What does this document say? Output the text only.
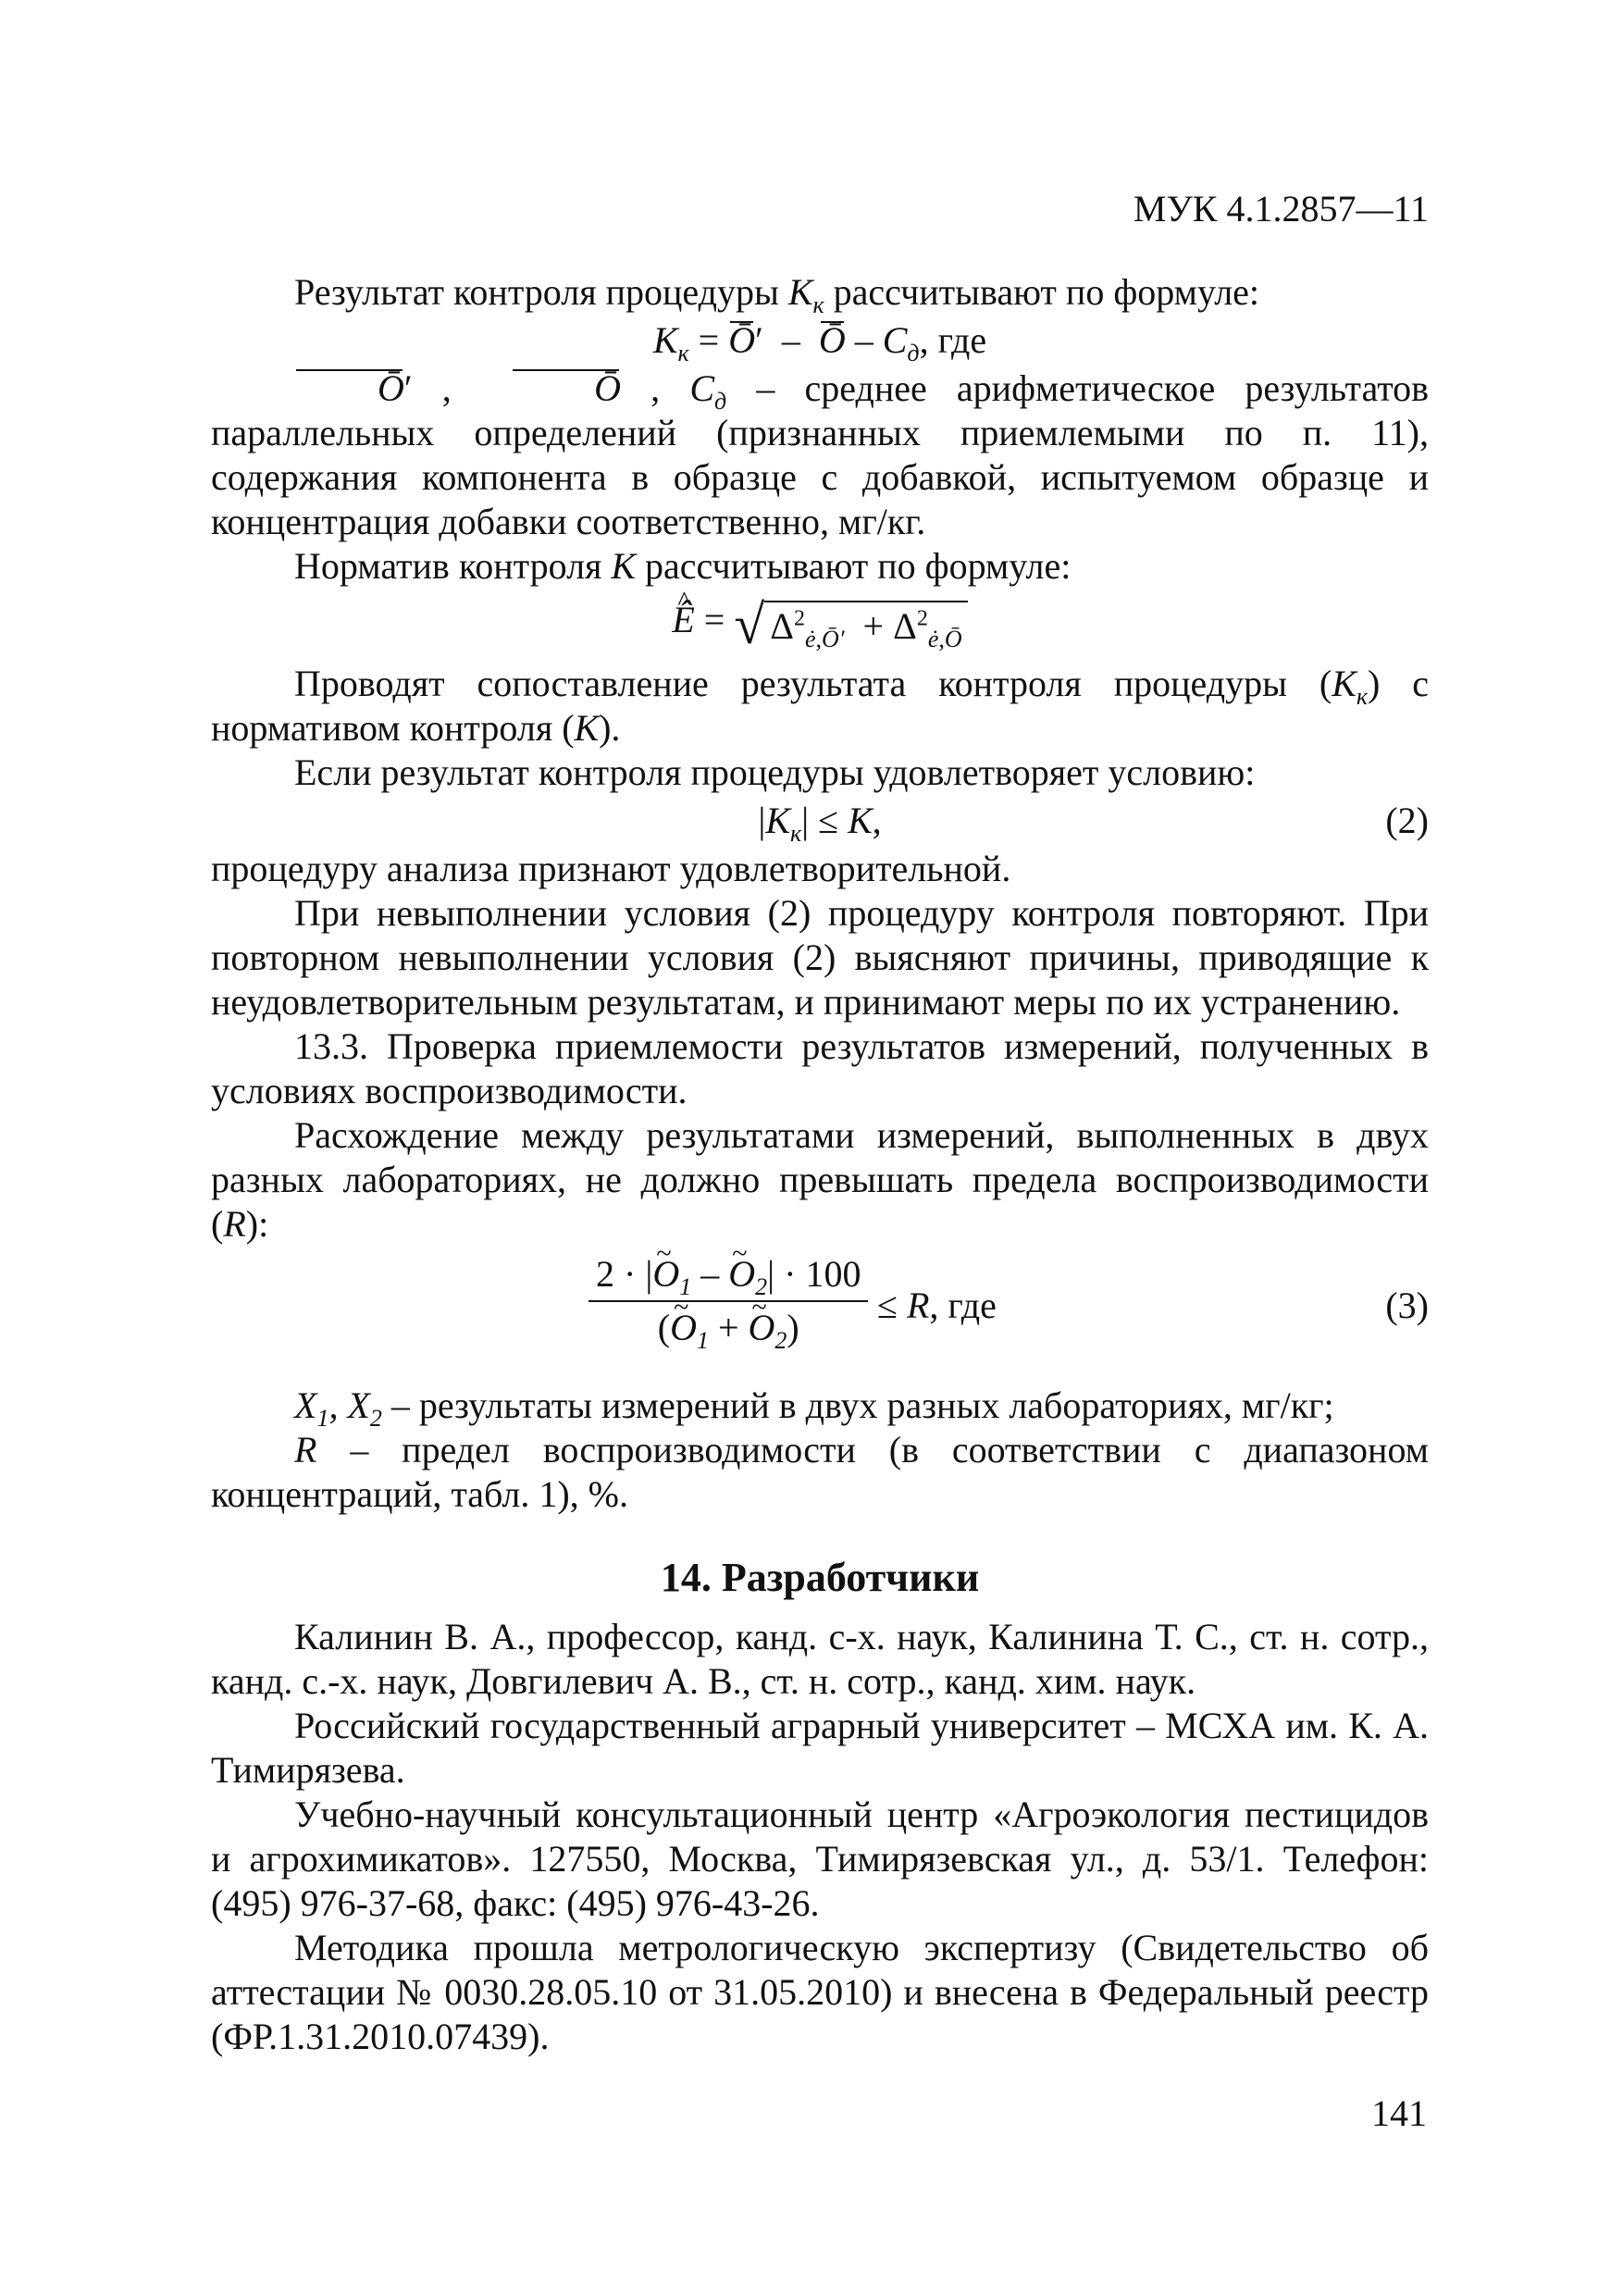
МУК 4.1.2857—11

Результат контроля процедуры $К_к$ рассчитывают по формуле:

$К_к$ = Ō′  –  Ō – $С_д$, где

Ō′ ,  Ō , $С_д$ – среднее арифметическое результатов параллельных определений (признанных приемлемыми по п. 11), содержания компонента в образце с добавкой, испытуемом образце и концентрация добавки соответственно, мг/кг.

Норматив контроля К рассчитывают по формуле:

^ Ê = √ $\Delta^2_{ė,Ō'} + \Delta^2_{ė,Ō}$

Проводят сопоставление результата контроля процедуры $(К_к)$ с нормативом контроля (К).

Если результат контроля процедуры удовлетворяет условию:

$|К_к| \le К$,	(2)

процедуру анализа признают удовлетворительной.

При невыполнении условия (2) процедуру контроля повторяют. При повторном невыполнении условия (2) выясняют причины, приводящие к неудовлетворительным результатам, и принимают меры по их устранению.

13.3. Проверка приемлемости результатов измерений, полученных в условиях воспроизводимости.

Расхождение между результатами измерений, выполненных в двух разных лабораториях, не должно превышать предела воспроизводимости (R):

$\frac{2 \cdot |\sim O_1 - \sim O_2| \cdot 100}{(\sim O_1 + \sim O_2)} \le R$, где	(3)

$X_1$, $X_2$ – результаты измерений в двух разных лабораториях, мг/кг;

R – предел воспроизводимости (в соответствии с диапазоном концентраций, табл. 1), %.

14. Разработчики

Калинин В. А., профессор, канд. с-х. наук, Калинина Т. С., ст. н. сотр., канд. с.-х. наук, Довгилевич А. В., ст. н. сотр., канд. хим. наук.

Российский государственный аграрный университет – МСХА им. К. А. Тимирязева.

Учебно-научный консультационный центр «Агроэкология пестицидов и агрохимикатов». 127550, Москва, Тимирязевская ул., д. 53/1. Телефон: (495) 976-37-68, факс: (495) 976-43-26.

Методика прошла метрологическую экспертизу (Свидетельство об аттестации № 0030.28.05.10 от 31.05.2010) и внесена в Федеральный реестр (ФР.1.31.2010.07439).

141
